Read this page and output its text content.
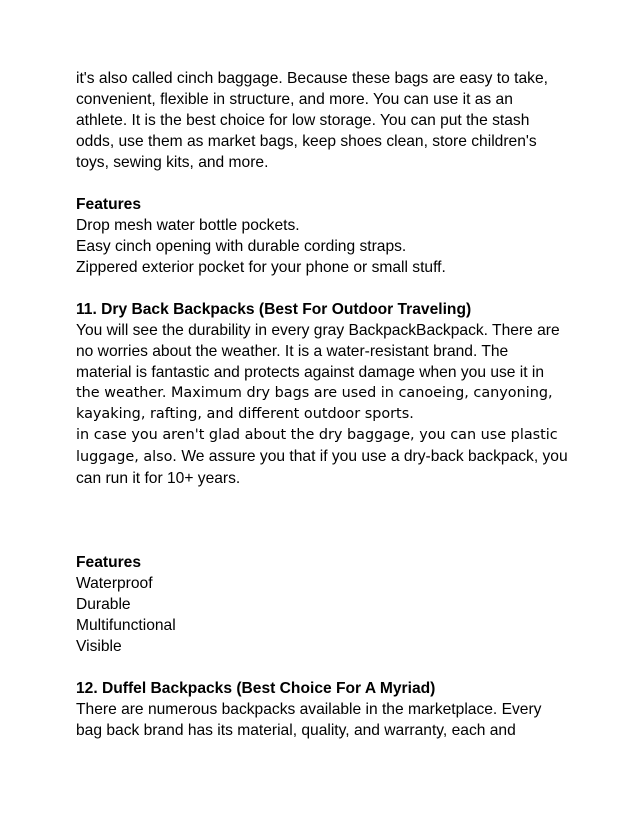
it's also called cinch baggage. Because these bags are easy to take,
convenient, flexible in structure, and more. You can use it as an
athlete. It is the best choice for low storage. You can put the stash
odds, use them as market bags, keep shoes clean, store children's
toys, sewing kits, and more.
Features
Drop mesh water bottle pockets.
Easy cinch opening with durable cording straps.
Zippered exterior pocket for your phone or small stuff.
11. Dry Back Backpacks (Best For Outdoor Traveling)
You will see the durability in every gray BackpackBackpack. There are
no worries about the weather. It is a water-resistant brand. The
material is fantastic and protects against damage when you use it in
the weather. Maximum dry bags are used in canoeing, canyoning,
kayaking, rafting, and different outdoor sports.
in case you aren't glad about the dry baggage, you can use plastic
luggage, also. We assure you that if you use a dry-back backpack, you
can run it for 10+ years.
Features
Waterproof
Durable
Multifunctional
Visible
12. Duffel Backpacks (Best Choice For A Myriad)
There are numerous backpacks available in the marketplace. Every
bag back brand has its material, quality, and warranty, each and
